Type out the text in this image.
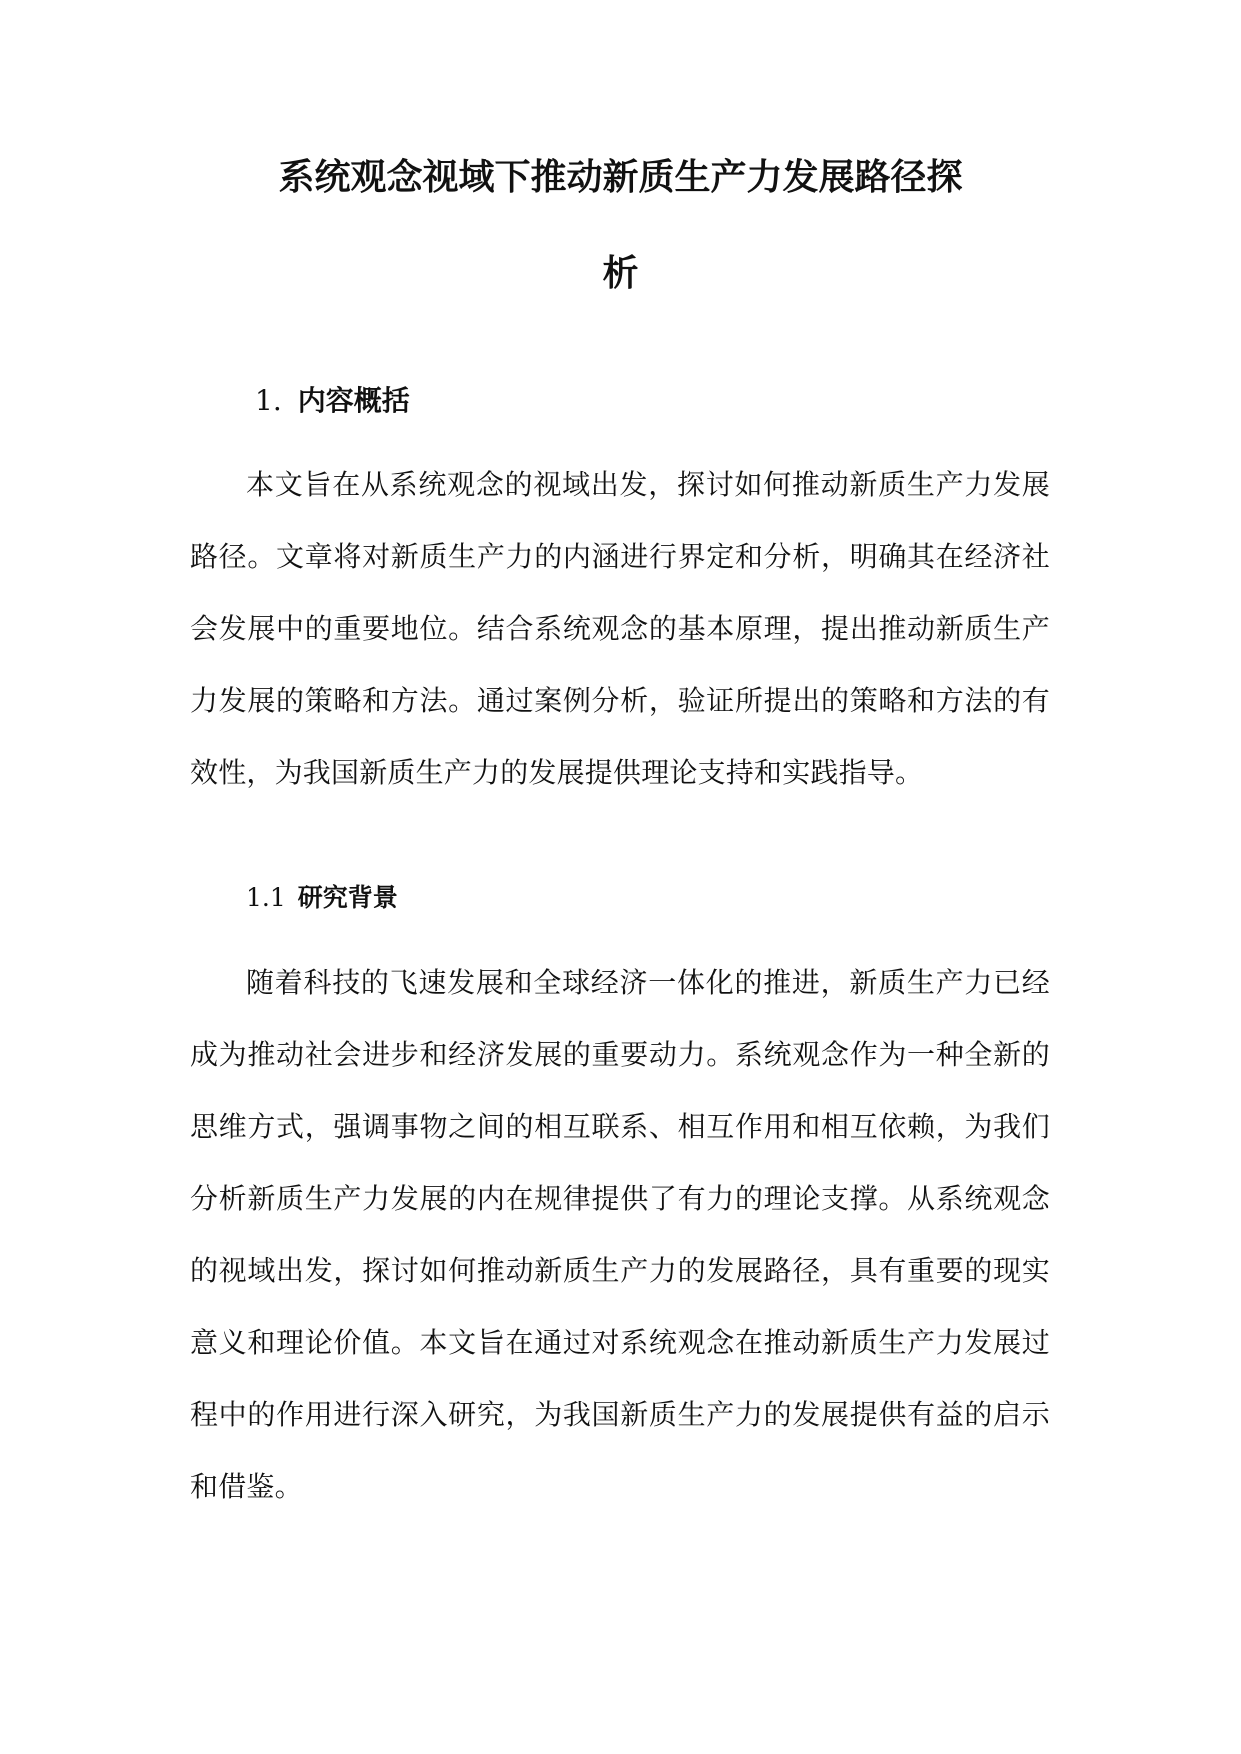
系统观念视域下推动新质生产力发展路径探
析
1. 内容概括

本文旨在从系统观念的视域出发，探讨如何推动新质生产力发展路径。文章将对新质生产力的内涵进行界定和分析，明确其在经济社会发展中的重要地位。结合系统观念的基本原理，提出推动新质生产力发展的策略和方法。通过案例分析，验证所提出的策略和方法的有效性，为我国新质生产力的发展提供理论支持和实践指导。

1.1 研究背景

随着科技的飞速发展和全球经济一体化的推进，新质生产力已经成为推动社会进步和经济发展的重要动力。系统观念作为一种全新的思维方式，强调事物之间的相互联系、相互作用和相互依赖，为我们分析新质生产力发展的内在规律提供了有力的理论支撑。从系统观念的视域出发，探讨如何推动新质生产力的发展路径，具有重要的现实意义和理论价值。本文旨在通过对系统观念在推动新质生产力发展过程中的作用进行深入研究，为我国新质生产力的发展提供有益的启示和借鉴。
